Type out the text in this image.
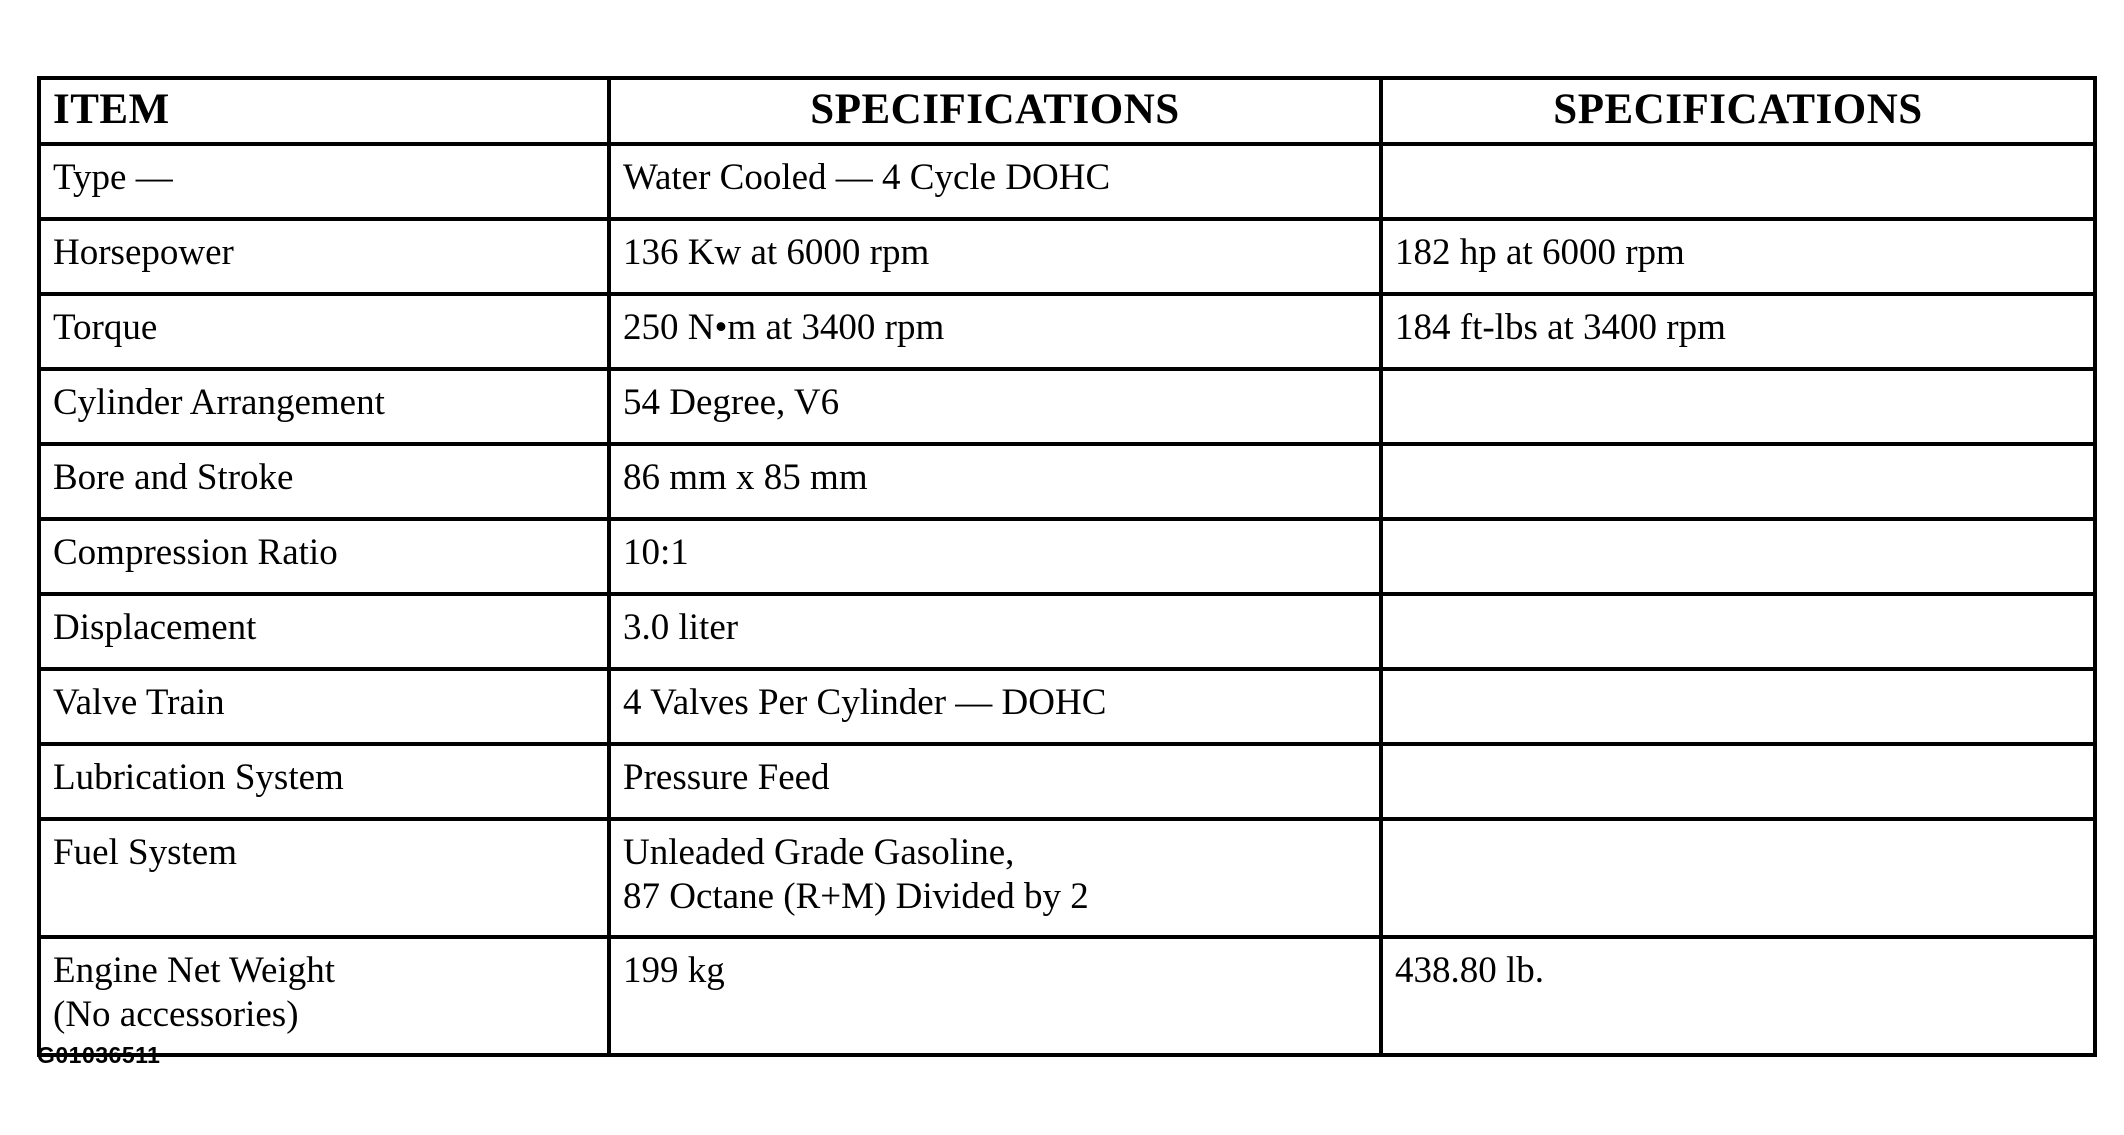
ITEM	SPECIFICATIONS	SPECIFICATIONS
Type —	Water Cooled — 4 Cycle DOHC	
Horsepower	136 Kw at 6000 rpm	182 hp at 6000 rpm
Torque	250 N•m at 3400 rpm	184 ft-lbs at 3400 rpm
Cylinder Arrangement	54 Degree, V6	
Bore and Stroke	86 mm x 85 mm	
Compression Ratio	10:1	
Displacement	3.0 liter	
Valve Train	4 Valves Per Cylinder — DOHC	
Lubrication System	Pressure Feed	
Fuel System	Unleaded Grade Gasoline,
87 Octane (R+M) Divided by 2	

Engine Net Weight
(No accessories)	199 kg	438.80 lb.
G01036511
